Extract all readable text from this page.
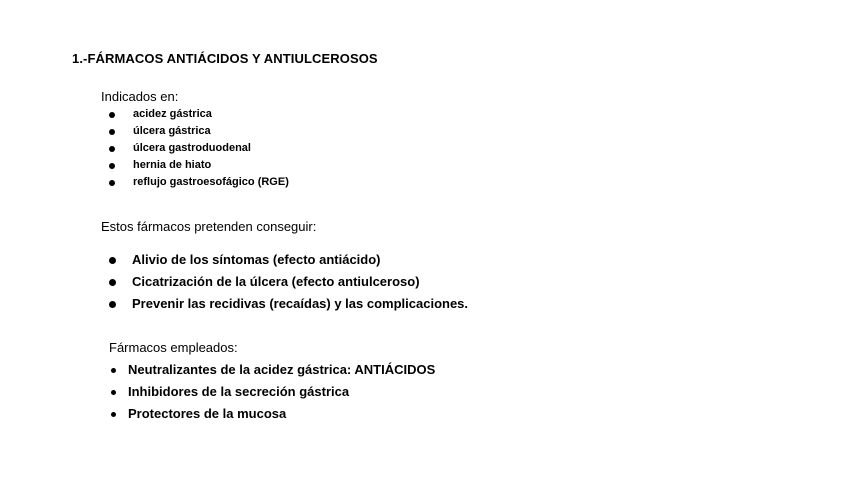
1.-FÁRMACOS ANTIÁCIDOS Y ANTIULCEROSOS
Indicados en:
acidez gástrica
úlcera gástrica
úlcera gastroduodenal
hernia de hiato
reflujo gastroesofágico (RGE)
Estos fármacos pretenden conseguir:
Alivio de los síntomas (efecto antiácido)
Cicatrización de la úlcera (efecto antiulceroso)
Prevenir las recidivas (recaídas) y las complicaciones.
Fármacos empleados:
Neutralizantes de la acidez gástrica: ANTIÁCIDOS
Inhibidores de la secreción gástrica
Protectores de la mucosa
